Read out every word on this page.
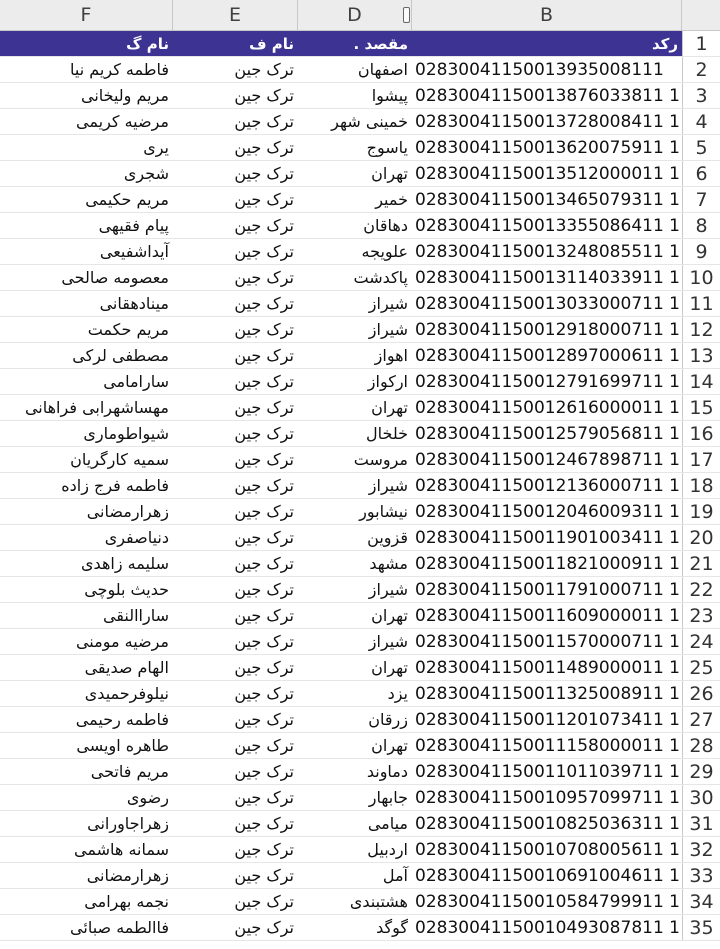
F	E	D	B
نام گ	نام ف	. مقصد	ركد 1
فاطمه کریم نیا	ترک جین	اصفهان 02830041150013935008111	2
مریم ولیخانی	ترک جین	پیشوا 02830041150013876033811 1 3
مرضیه کریمی	ترک جین	خمینی شهر 02830041150013728008411 1 4
یری	ترک جین	یاسوج 02830041150013620075911 1 5
شجری	ترک جین	تهران 02830041150013512000011 1 6
مریم حکیمی	ترک جین	خمیر 02830041150013465079311 1 7
پیام فقیهی	ترک جین	دهاقان 02830041150013355086411 1 8
آیداشفیعی	ترک جین	علویجه 02830041150013248085511 1 9
معصومه صالحی	ترک جین	پاکدشت 02830041150013114033911 1 10
مینادهقانی	ترک جین	شیراز 02830041150013033000711 1 11
مریم حکمت	ترک جین	شیراز 02830041150012918000711 1 12
مصطفی لرکی	ترک جین	اهواز 02830041150012897000611 1 13
سارامامی	ترک جین	ارکواز 02830041150012791699711 1 14
مهساشهرابی فراهانی	ترک جین	تهران 02830041150012616000011 1 15
شیواطوماری	ترک جین	خلخال 02830041150012579056811 1 16
سمیه کارگریان	ترک جین	مروست 02830041150012467898711 1 17
فاطمه فرج زاده	ترک جین	شیراز 02830041150012136000711 1 18
زهرارمضانی	ترک جین	نیشابور 02830041150012046009311 1 19
دنیاصفری	ترک جین	قزوین 02830041150011901003411 1 20
سلیمه زاهدی	ترک جین	مشهد 02830041150011821000911 1 21
حدیث بلوچی	ترک جین	شیراز 02830041150011791000711 1 22
ساراالنقی	ترک جین	تهران 02830041150011609000011 1 23
مرضیه مومنی	ترک جین	شیراز 02830041150011570000711 1 24
الهام صدیقی	ترک جین	تهران 02830041150011489000011 1 25
نیلوفرحمیدی	ترک جین	یزد 02830041150011325008911 1 26
فاطمه رحیمی	ترک جین	زرقان 02830041150011201073411 1 27
طاهره اویسی	ترک جین	تهران 02830041150011158000011 1 28
مریم فاتحی	ترک جین	دماوند 02830041150011011039711 1 29
رضوی	ترک جین	جابهار 02830041150010957099711 1 30
زهراجاورانی	ترک جین	میامی 02830041150010825036311 1 31
سمانه هاشمی	ترک جین	اردبیل 02830041150010708005611 1 32
زهرارمضانی	ترک جین	آمل 02830041150010691004611 1 33
نجمه بهرامی	ترک جین	هشتبندی 02830041150010584799911 1 34
فاالطمه صبائی	ترک جین	گوگد 02830041150010493087811 1 35
